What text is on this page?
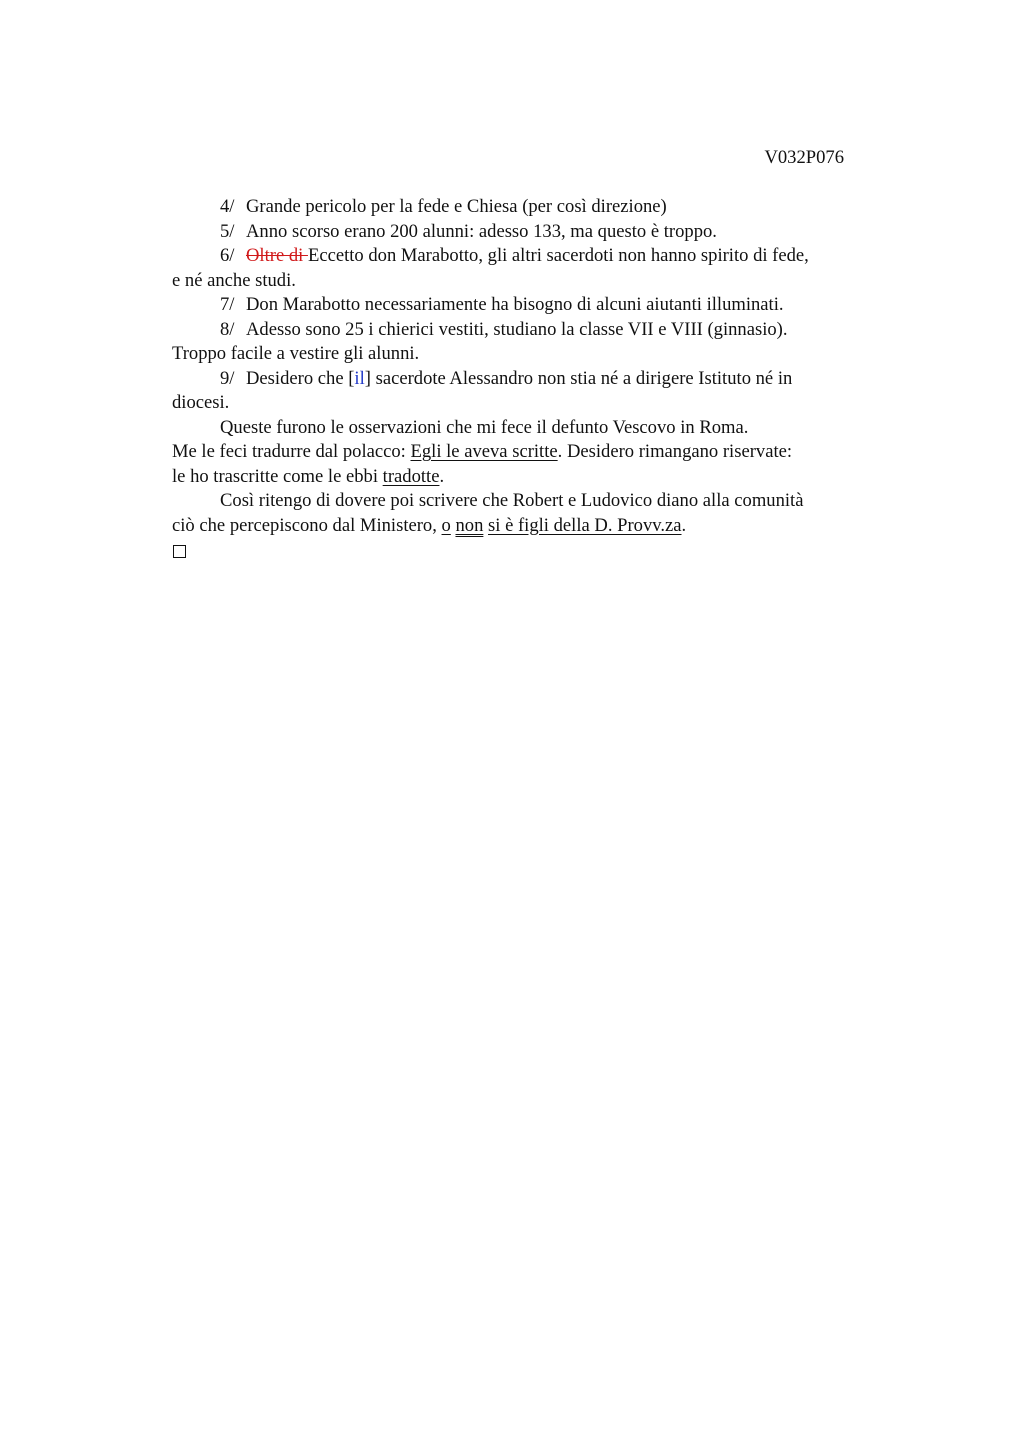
V032P076

4/ Grande pericolo per la fede e Chiesa (per così direzione)

5/ Anno scorso erano 200 alunni: adesso 133, ma questo è troppo.

6/ Oltre di Eccetto don Marabotto, gli altri sacerdoti non hanno spirito di fede,

e né anche studi.

7/ Don Marabotto necessariamente ha bisogno di alcuni aiutanti illuminati.

8/ Adesso sono 25 i chierici vestiti, studiano la classe VII e VIII (ginnasio).

Troppo facile a vestire gli alunni.

9/ Desidero che [il] sacerdote Alessandro non stia né a dirigere Istituto né in

diocesi.

Queste furono le osservazioni che mi fece il defunto Vescovo in Roma.

Me le feci tradurre dal polacco: Egli le aveva scritte. Desidero rimangano riservate:

le ho trascritte come le ebbi tradotte.

Così ritengo di dovere poi scrivere che Robert e Ludovico diano alla comunità

ciò che percepiscono dal Ministero, o non si è figli della D. Provv.za.
